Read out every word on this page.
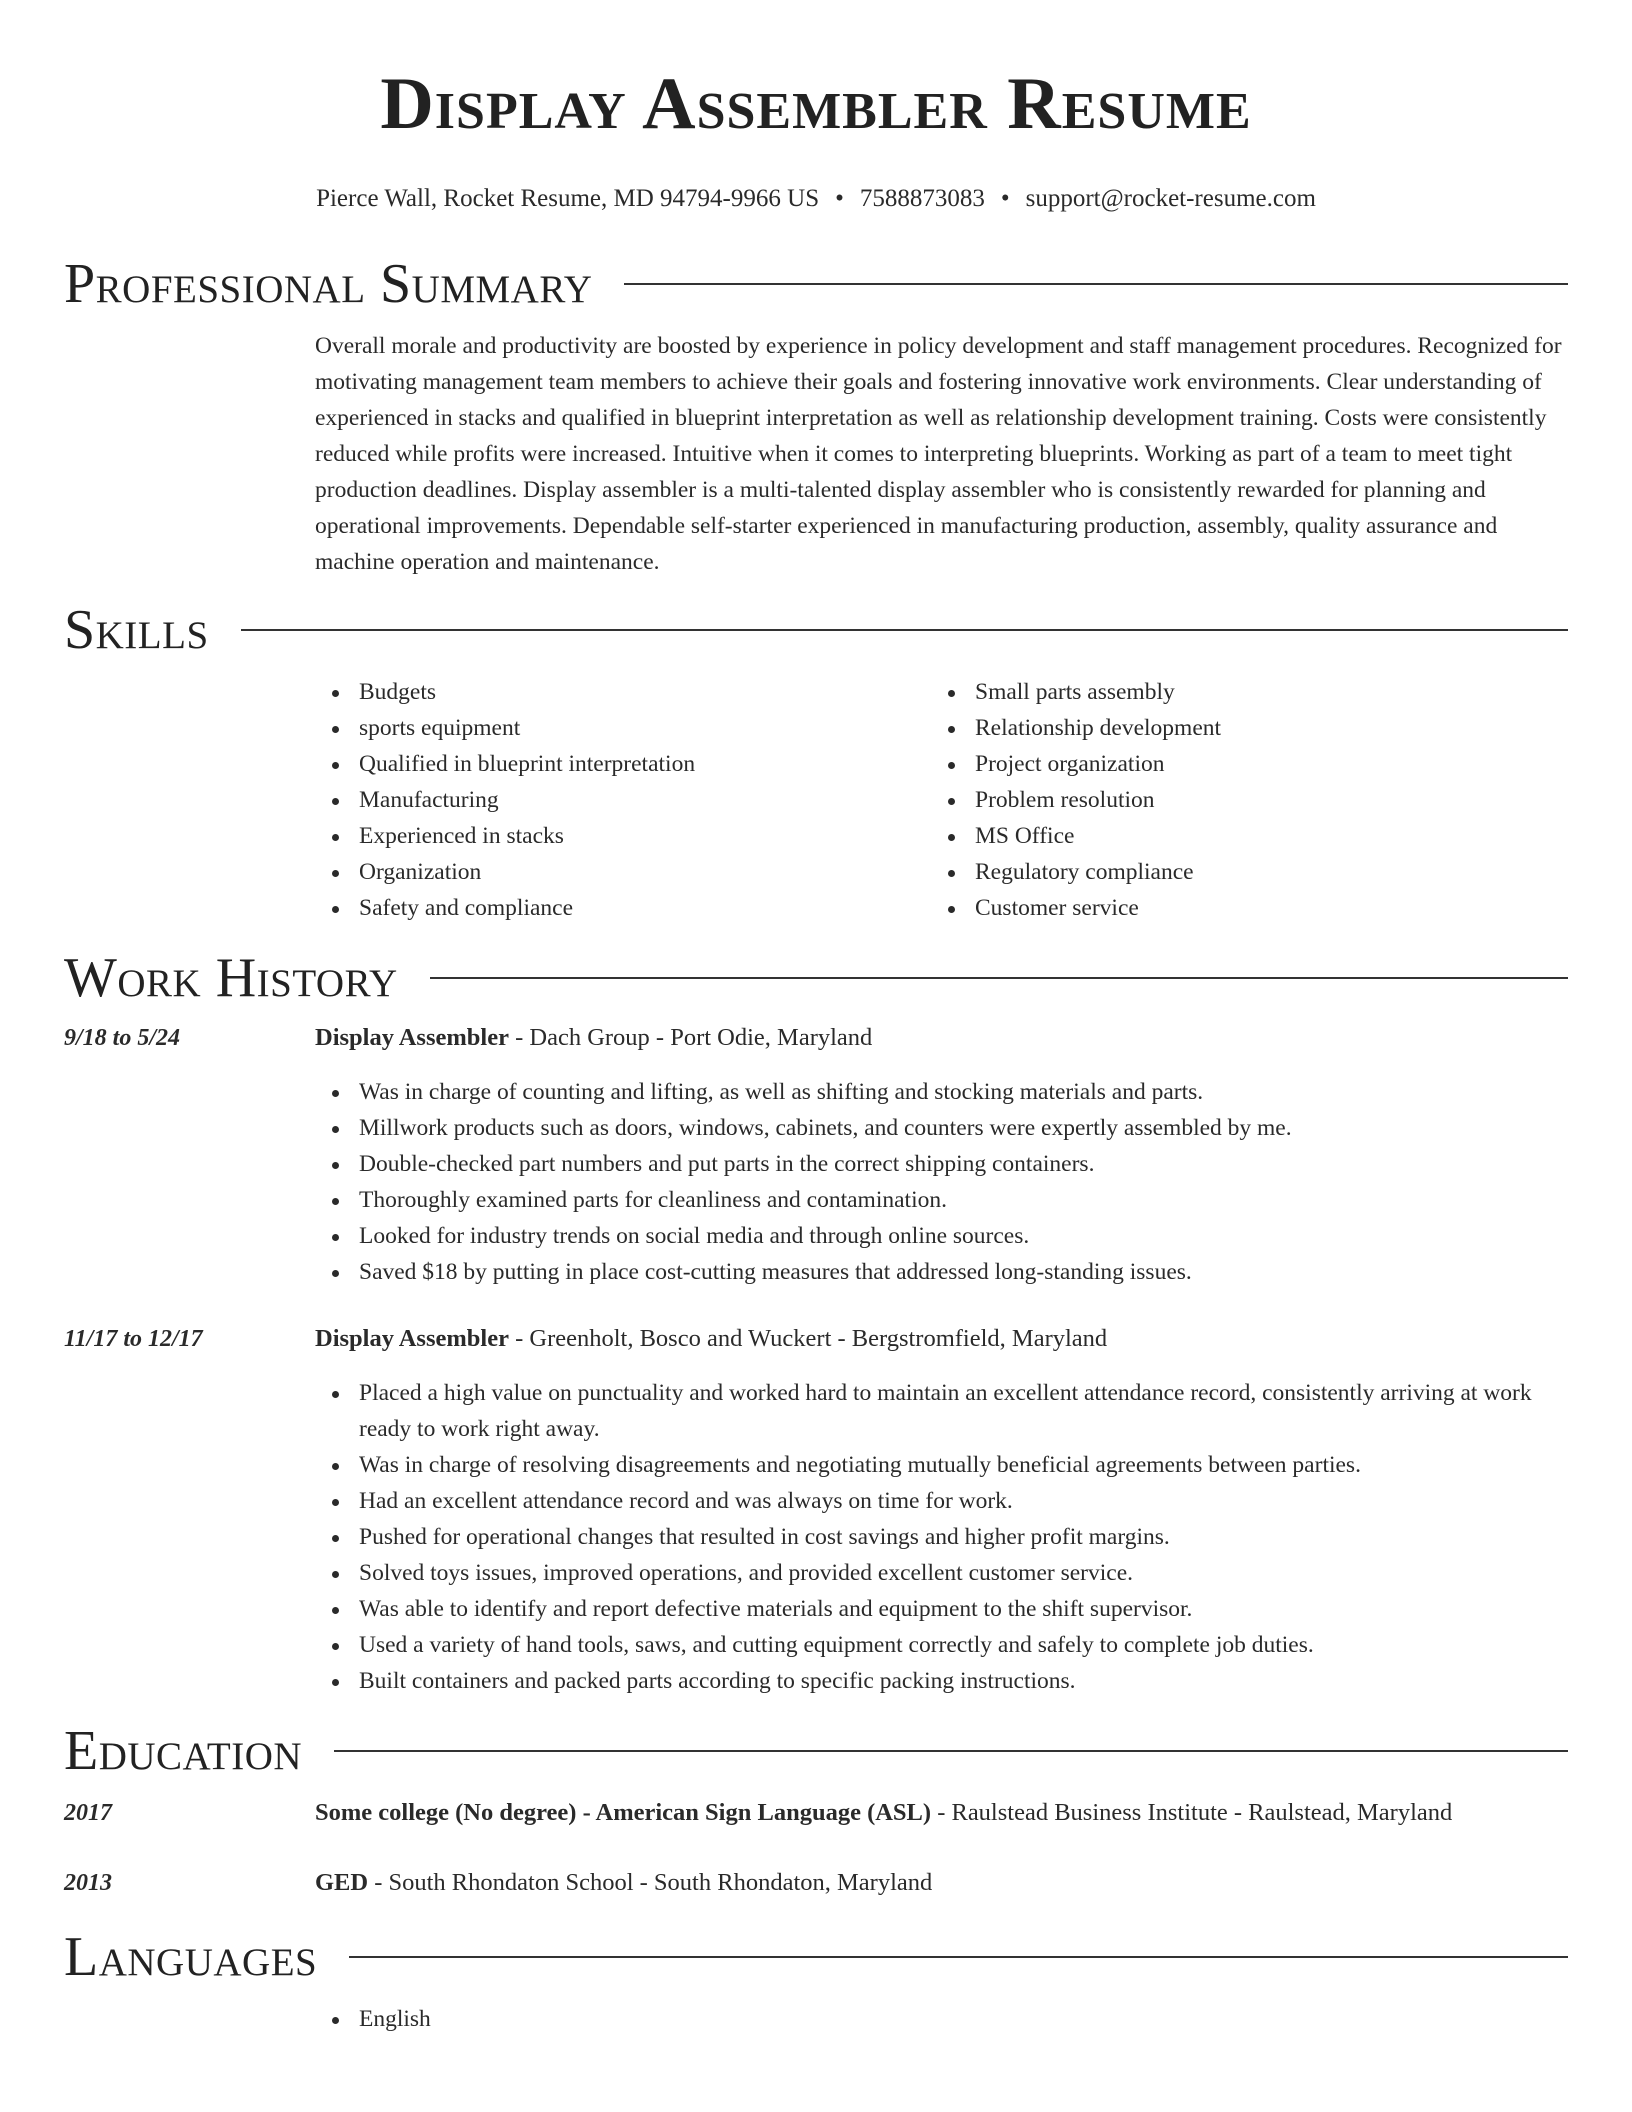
Display Assembler Resume
Pierce Wall, Rocket Resume, MD 94794-9966 US • 7588873083 • support@rocket-resume.com
Professional Summary
Overall morale and productivity are boosted by experience in policy development and staff management procedures. Recognized for motivating management team members to achieve their goals and fostering innovative work environments. Clear understanding of experienced in stacks and qualified in blueprint interpretation as well as relationship development training. Costs were consistently reduced while profits were increased. Intuitive when it comes to interpreting blueprints. Working as part of a team to meet tight production deadlines. Display assembler is a multi-talented display assembler who is consistently rewarded for planning and operational improvements. Dependable self-starter experienced in manufacturing production, assembly, quality assurance and machine operation and maintenance.
Skills
Budgets
sports equipment
Qualified in blueprint interpretation
Manufacturing
Experienced in stacks
Organization
Safety and compliance
Small parts assembly
Relationship development
Project organization
Problem resolution
MS Office
Regulatory compliance
Customer service
Work History
9/18 to 5/24	Display Assembler - Dach Group - Port Odie, Maryland
Was in charge of counting and lifting, as well as shifting and stocking materials and parts.
Millwork products such as doors, windows, cabinets, and counters were expertly assembled by me.
Double-checked part numbers and put parts in the correct shipping containers.
Thoroughly examined parts for cleanliness and contamination.
Looked for industry trends on social media and through online sources.
Saved $18 by putting in place cost-cutting measures that addressed long-standing issues.
11/17 to 12/17	Display Assembler - Greenholt, Bosco and Wuckert - Bergstromfield, Maryland
Placed a high value on punctuality and worked hard to maintain an excellent attendance record, consistently arriving at work ready to work right away.
Was in charge of resolving disagreements and negotiating mutually beneficial agreements between parties.
Had an excellent attendance record and was always on time for work.
Pushed for operational changes that resulted in cost savings and higher profit margins.
Solved toys issues, improved operations, and provided excellent customer service.
Was able to identify and report defective materials and equipment to the shift supervisor.
Used a variety of hand tools, saws, and cutting equipment correctly and safely to complete job duties.
Built containers and packed parts according to specific packing instructions.
Education
2017	Some college (No degree) - American Sign Language (ASL) - Raulstead Business Institute - Raulstead, Maryland
2013	GED - South Rhondaton School - South Rhondaton, Maryland
Languages
English
